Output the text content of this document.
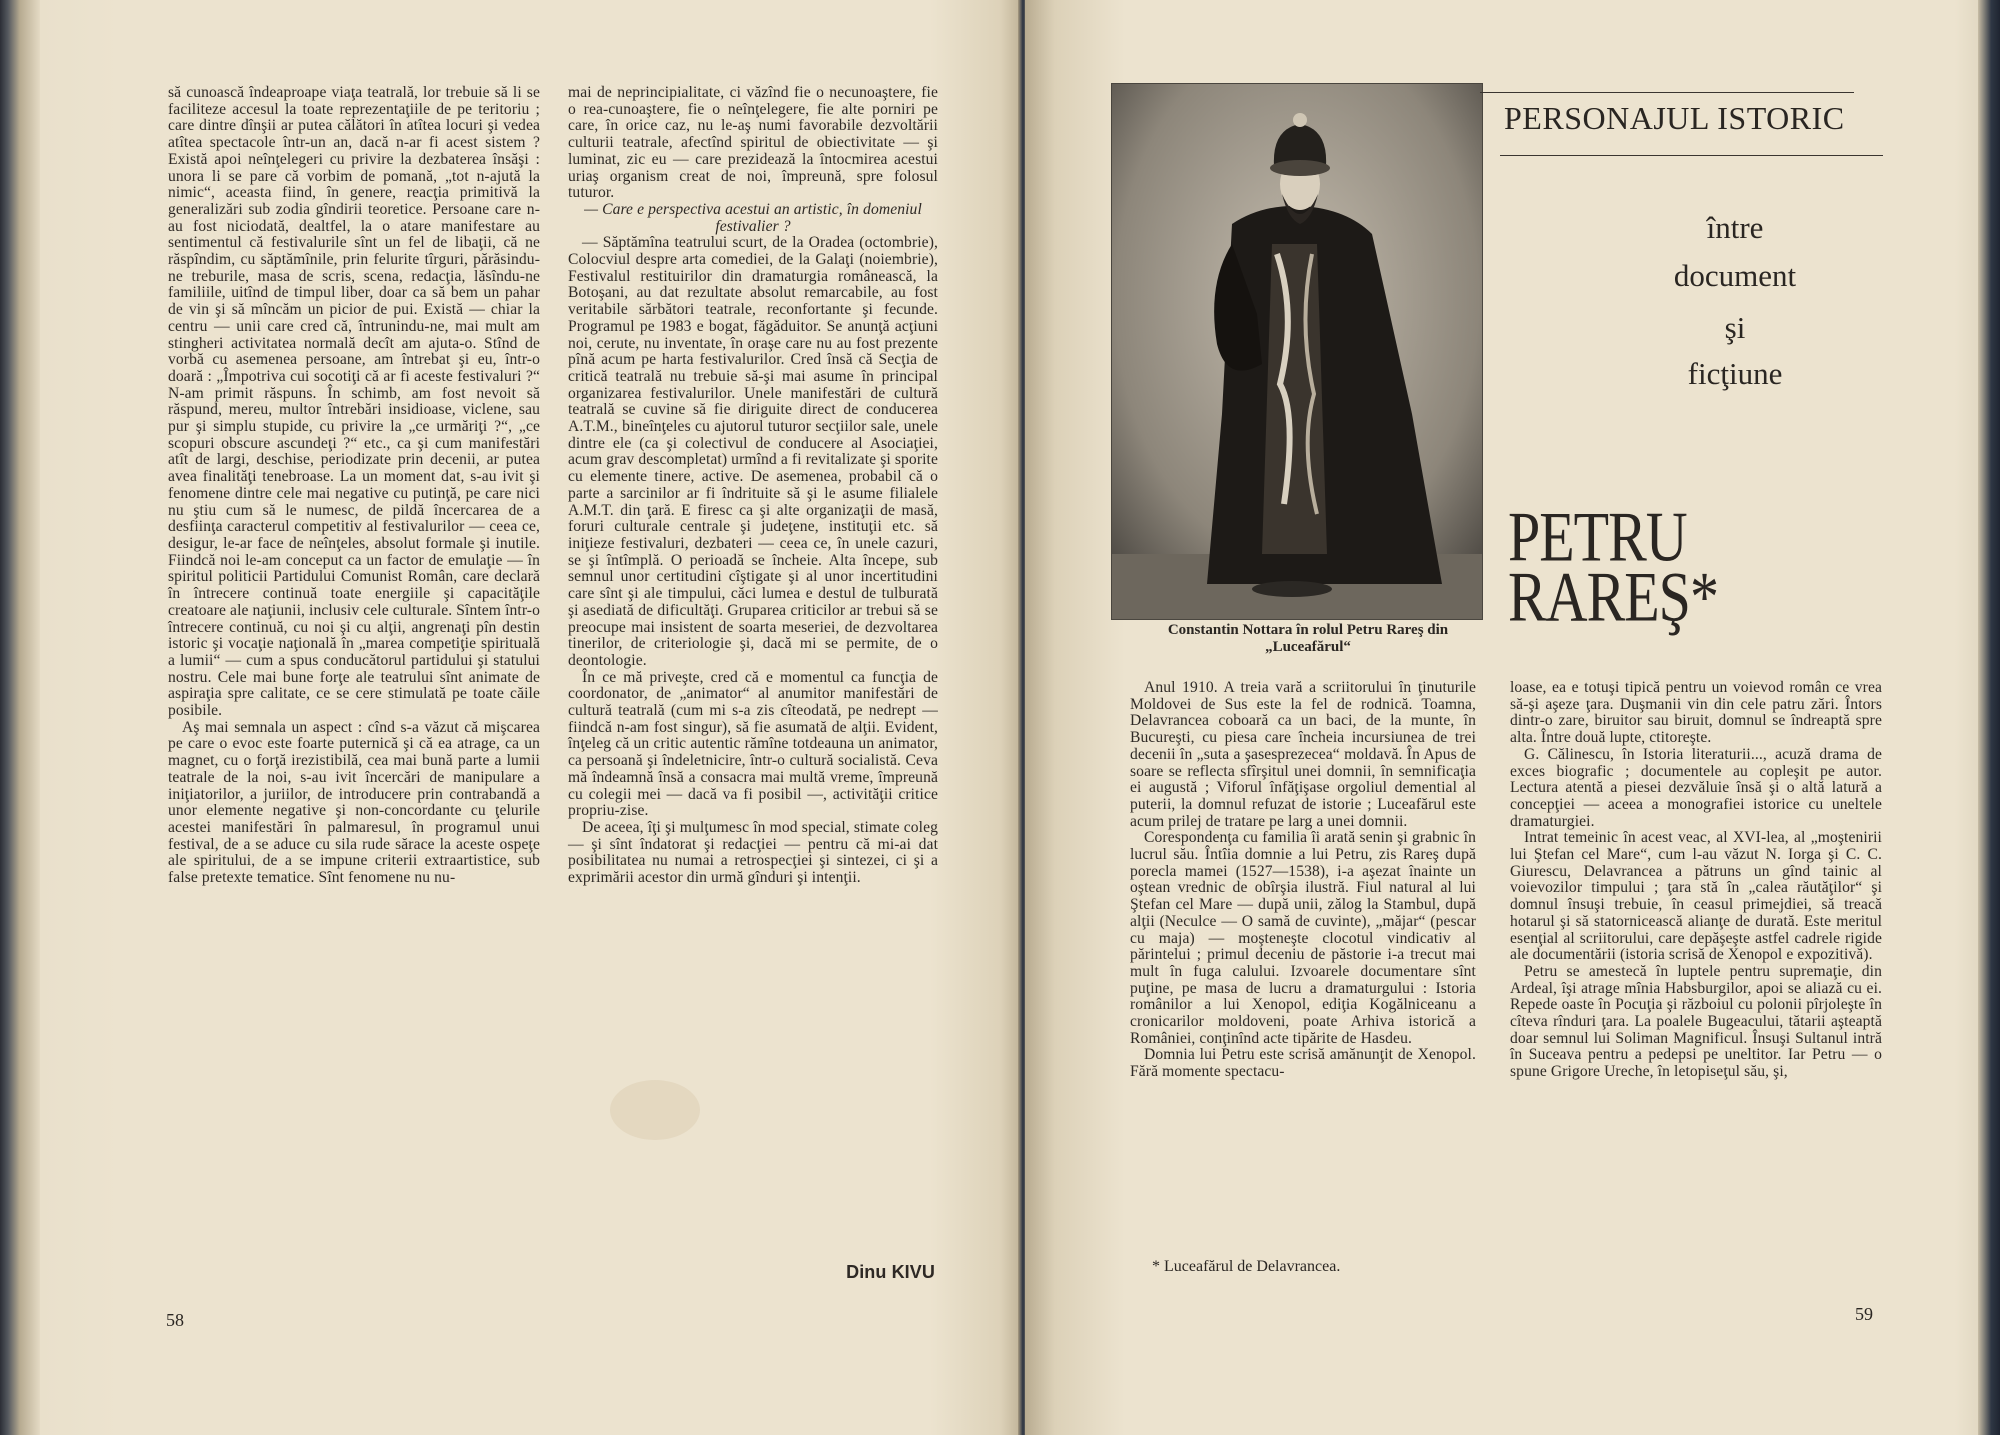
să cunoască îndeaproape viaţa teatrală, lor trebuie să li se faciliteze accesul la toate reprezentaţiile de pe teritoriu ; care dintre dînşii ar putea călători în atîtea locuri şi vedea atîtea spectacole într-un an, dacă n-ar fi acest sistem ? Există apoi neînţelegeri cu privire la dezbaterea însăşi : unora li se pare că vorbim de pomană, „tot n-ajută la nimic“, aceasta fiind, în genere, reacţia primitivă la generalizări sub zodia gîndirii teoretice. Persoane care n-au fost niciodată, dealtfel, la o atare manifestare au sentimentul că festivalurile sînt un fel de libaţii, că ne răspîndim, cu săptămînile, prin felurite tîrguri, părăsindu-ne treburile, masa de scris, scena, redacţia, lăsîndu-ne familiile, uitînd de timpul liber, doar ca să bem un pahar de vin şi să mîncăm un picior de pui. Există — chiar la centru — unii care cred că, întrunindu-ne, mai mult am stingheri activitatea normală decît am ajuta-o. Stînd de vorbă cu asemenea persoane, am întrebat şi eu, într-o doară : „Împotriva cui socotiţi că ar fi aceste festivaluri ?“ N-am primit răspuns. În schimb, am fost nevoit să răspund, mereu, multor întrebări insidioase, viclene, sau pur şi simplu stupide, cu privire la „ce urmăriţi ?“, „ce scopuri obscure ascundeţi ?“ etc., ca şi cum manifestări atît de largi, deschise, periodizate prin decenii, ar putea avea finalităţi tenebroase. La un moment dat, s-au ivit şi fenomene dintre cele mai negative cu putinţă, pe care nici nu ştiu cum să le numesc, de pildă încercarea de a desfiinţa caracterul competitiv al festivalurilor — ceea ce, desigur, le-ar face de neînţeles, absolut formale şi inutile. Fiindcă noi le-am conceput ca un factor de emulaţie — în spiritul politicii Partidului Comunist Român, care declară în întrecere continuă toate energiile şi capacităţile creatoare ale naţiunii, inclusiv cele culturale. Sîntem într-o întrecere continuă, cu noi şi cu alţii, angrenaţi pîn destin istoric şi vocaţie naţională în „marea competiţie spirituală a lumii“ — cum a spus conducătorul partidului şi statului nostru. Cele mai bune forţe ale teatrului sînt animate de aspiraţia spre calitate, ce se cere stimulată pe toate căile posibile.

Aş mai semnala un aspect : cînd s-a văzut că mişcarea pe care o evoc este foarte puternică şi că ea atrage, ca un magnet, cu o forţă irezistibilă, cea mai bună parte a lumii teatrale de la noi, s-au ivit încercări de manipulare a iniţiatorilor, a juriilor, de introducere prin contrabandă a unor elemente negative şi non-concordante cu ţelurile acestei manifestări în palmaresul, în programul unui festival, de a se aduce cu sila rude sărace la aceste ospeţe ale spiritului, de a se impune criterii extraartistice, sub false pretexte tematice. Sînt fenomene nu nu-

mai de neprincipialitate, ci văzînd fie o necunoaştere, fie o rea-cunoaştere, fie o neînţelegere, fie alte porniri pe care, în orice caz, nu le-aş numi favorabile dezvoltării culturii teatrale, afectînd spiritul de obiectivitate — şi luminat, zic eu — care prezidează la întocmirea acestui uriaş organism creat de noi, împreună, spre folosul tuturor.

— Care e perspectiva acestui an artistic, în domeniul festivalier ?

— Săptămîna teatrului scurt, de la Oradea (octombrie), Colocviul despre arta comediei, de la Galaţi (noiembrie), Festivalul restituirilor din dramaturgia românească, la Botoşani, au dat rezultate absolut remarcabile, au fost veritabile sărbători teatrale, reconfortante şi fecunde. Programul pe 1983 e bogat, făgăduitor. Se anunţă acţiuni noi, cerute, nu inventate, în oraşe care nu au fost prezente pînă acum pe harta festivalurilor. Cred însă că Secţia de critică teatrală nu trebuie să-şi mai asume în principal organizarea festivalurilor. Unele manifestări de cultură teatrală se cuvine să fie diriguite direct de conducerea A.T.M., bineînţeles cu ajutorul tuturor secţiilor sale, unele dintre ele (ca şi colectivul de conducere al Asociaţiei, acum grav descompletat) urmînd a fi revitalizate şi sporite cu elemente tinere, active. De asemenea, probabil că o parte a sarcinilor ar fi îndrituite să şi le asume filialele A.M.T. din ţară. E firesc ca şi alte organizaţii de masă, foruri culturale centrale şi judeţene, instituţii etc. să iniţieze festivaluri, dezbateri — ceea ce, în unele cazuri, se şi întîmplă. O perioadă se încheie. Alta începe, sub semnul unor certitudini cîştigate şi al unor incertitudini care sînt şi ale timpului, căci lumea e destul de tulburată şi asediată de dificultăţi. Gruparea criticilor ar trebui să se preocupe mai insistent de soarta meseriei, de dezvoltarea tinerilor, de criteriologie şi, dacă mi se permite, de o deontologie.

În ce mă priveşte, cred că e momentul ca funcţia de coordonator, de „animator“ al anumitor manifestări de cultură teatrală (cum mi s-a zis cîteodată, pe nedrept — fiindcă n-am fost singur), să fie asumată de alţii. Evident, înţeleg că un critic autentic rămîne totdeauna un animator, ca persoană şi îndeletnicire, într-o cultură socialistă. Ceva mă îndeamnă însă a consacra mai multă vreme, împreună cu colegii mei — dacă va fi posibil —, activităţii critice propriu-zise.

De aceea, îţi şi mulţumesc în mod special, stimate coleg — şi sînt îndatorat şi redacţiei — pentru că mi-ai dat posibilitatea nu numai a retrospecţiei şi sintezei, ci şi a exprimării acestor din urmă gînduri şi intenţii.

Dinu KIVU
58
Constantin Nottara în rolul Petru Rareş din „Luceafărul“
PERSONAJUL ISTORIC
între
document
şi
ficţiune
PETRU
RAREŞ*

Anul 1910. A treia vară a scriitorului în ţinuturile Moldovei de Sus este la fel de rodnică. Toamna, Delavrancea coboară ca un baci, de la munte, în Bucureşti, cu piesa care încheia incursiunea de trei decenii în „suta a şasesprezecea“ moldavă. În Apus de soare se reflecta sfîrşitul unei domnii, în semnificaţia ei augustă ; Viforul înfăţişase orgoliul demential al puterii, la domnul refuzat de istorie ; Luceafărul este acum prilej de tratare pe larg a unei domnii.

Corespondenţa cu familia îi arată senin şi grabnic în lucrul său. Întîia domnie a lui Petru, zis Rareş după porecla mamei (1527—1538), i-a aşezat înainte un oştean vrednic de obîrşia ilustră. Fiul natural al lui Ştefan cel Mare — după unii, zălog la Stambul, după alţii (Neculce — O samă de cuvinte), „măjar“ (pescar cu maja) — moşteneşte clocotul vindicativ al părintelui ; primul deceniu de păstorie i-a trecut mai mult în fuga calului. Izvoarele documentare sînt puţine, pe masa de lucru a dramaturgului : Istoria românilor a lui Xenopol, ediţia Kogălniceanu a cronicarilor moldoveni, poate Arhiva istorică a României, conţinînd acte tipărite de Hasdeu.

Domnia lui Petru este scrisă amănunţit de Xenopol. Fără momente spectacu-

loase, ea e totuşi tipică pentru un voievod român ce vrea să-şi aşeze ţara. Duşmanii vin din cele patru zări. Întors dintr-o zare, biruitor sau biruit, domnul se îndreaptă spre alta. Între două lupte, ctitoreşte.

G. Călinescu, în Istoria literaturii..., acuză drama de exces biografic ; documentele au copleşit pe autor. Lectura atentă a piesei dezvăluie însă şi o altă latură a concepţiei — aceea a monografiei istorice cu uneltele dramaturgiei.

Intrat temeinic în acest veac, al XVI-lea, al „moştenirii lui Ştefan cel Mare“, cum l-au văzut N. Iorga şi C. C. Giurescu, Delavrancea a pătruns un gînd tainic al voievozilor timpului ; ţara stă în „calea răutăţilor“ şi domnul însuşi trebuie, în ceasul primejdiei, să treacă hotarul şi să statornicească alianţe de durată. Este meritul esenţial al scriitorului, care depăşeşte astfel cadrele rigide ale documentării (istoria scrisă de Xenopol e expozitivă).

Petru se amestecă în luptele pentru supremaţie, din Ardeal, îşi atrage mînia Habsburgilor, apoi se aliază cu ei. Repede oaste în Pocuţia şi războiul cu polonii pîrjoleşte în cîteva rînduri ţara. La poalele Bugeacului, tătarii aşteaptă doar semnul lui Soliman Magnificul. Însuşi Sultanul intră în Suceava pentru a pedepsi pe uneltitor. Iar Petru — o spune Grigore Ureche, în letopiseţul său, şi,

* Luceafărul de Delavrancea.
59
